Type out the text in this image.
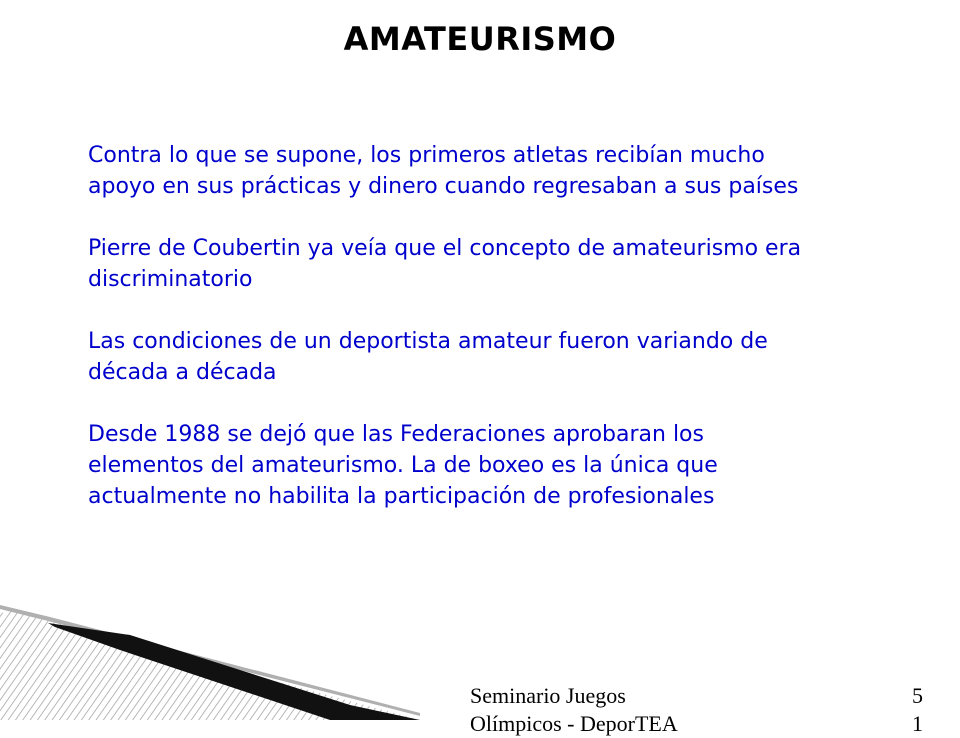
AMATEURISMO
Contra lo que se supone, los primeros atletas recibían mucho
apoyo en sus prácticas y dinero cuando regresaban a sus países
Pierre de Coubertin ya veía que el concepto de amateurismo era
discriminatorio
Las condiciones de un deportista amateur fueron variando de
década a década
Desde 1988 se dejó que las Federaciones aprobaran los
elementos del amateurismo. La de boxeo es la única que
actualmente no habilita la participación de profesionales
Seminario Juegos
Olímpicos - DeporTEA
5
1
